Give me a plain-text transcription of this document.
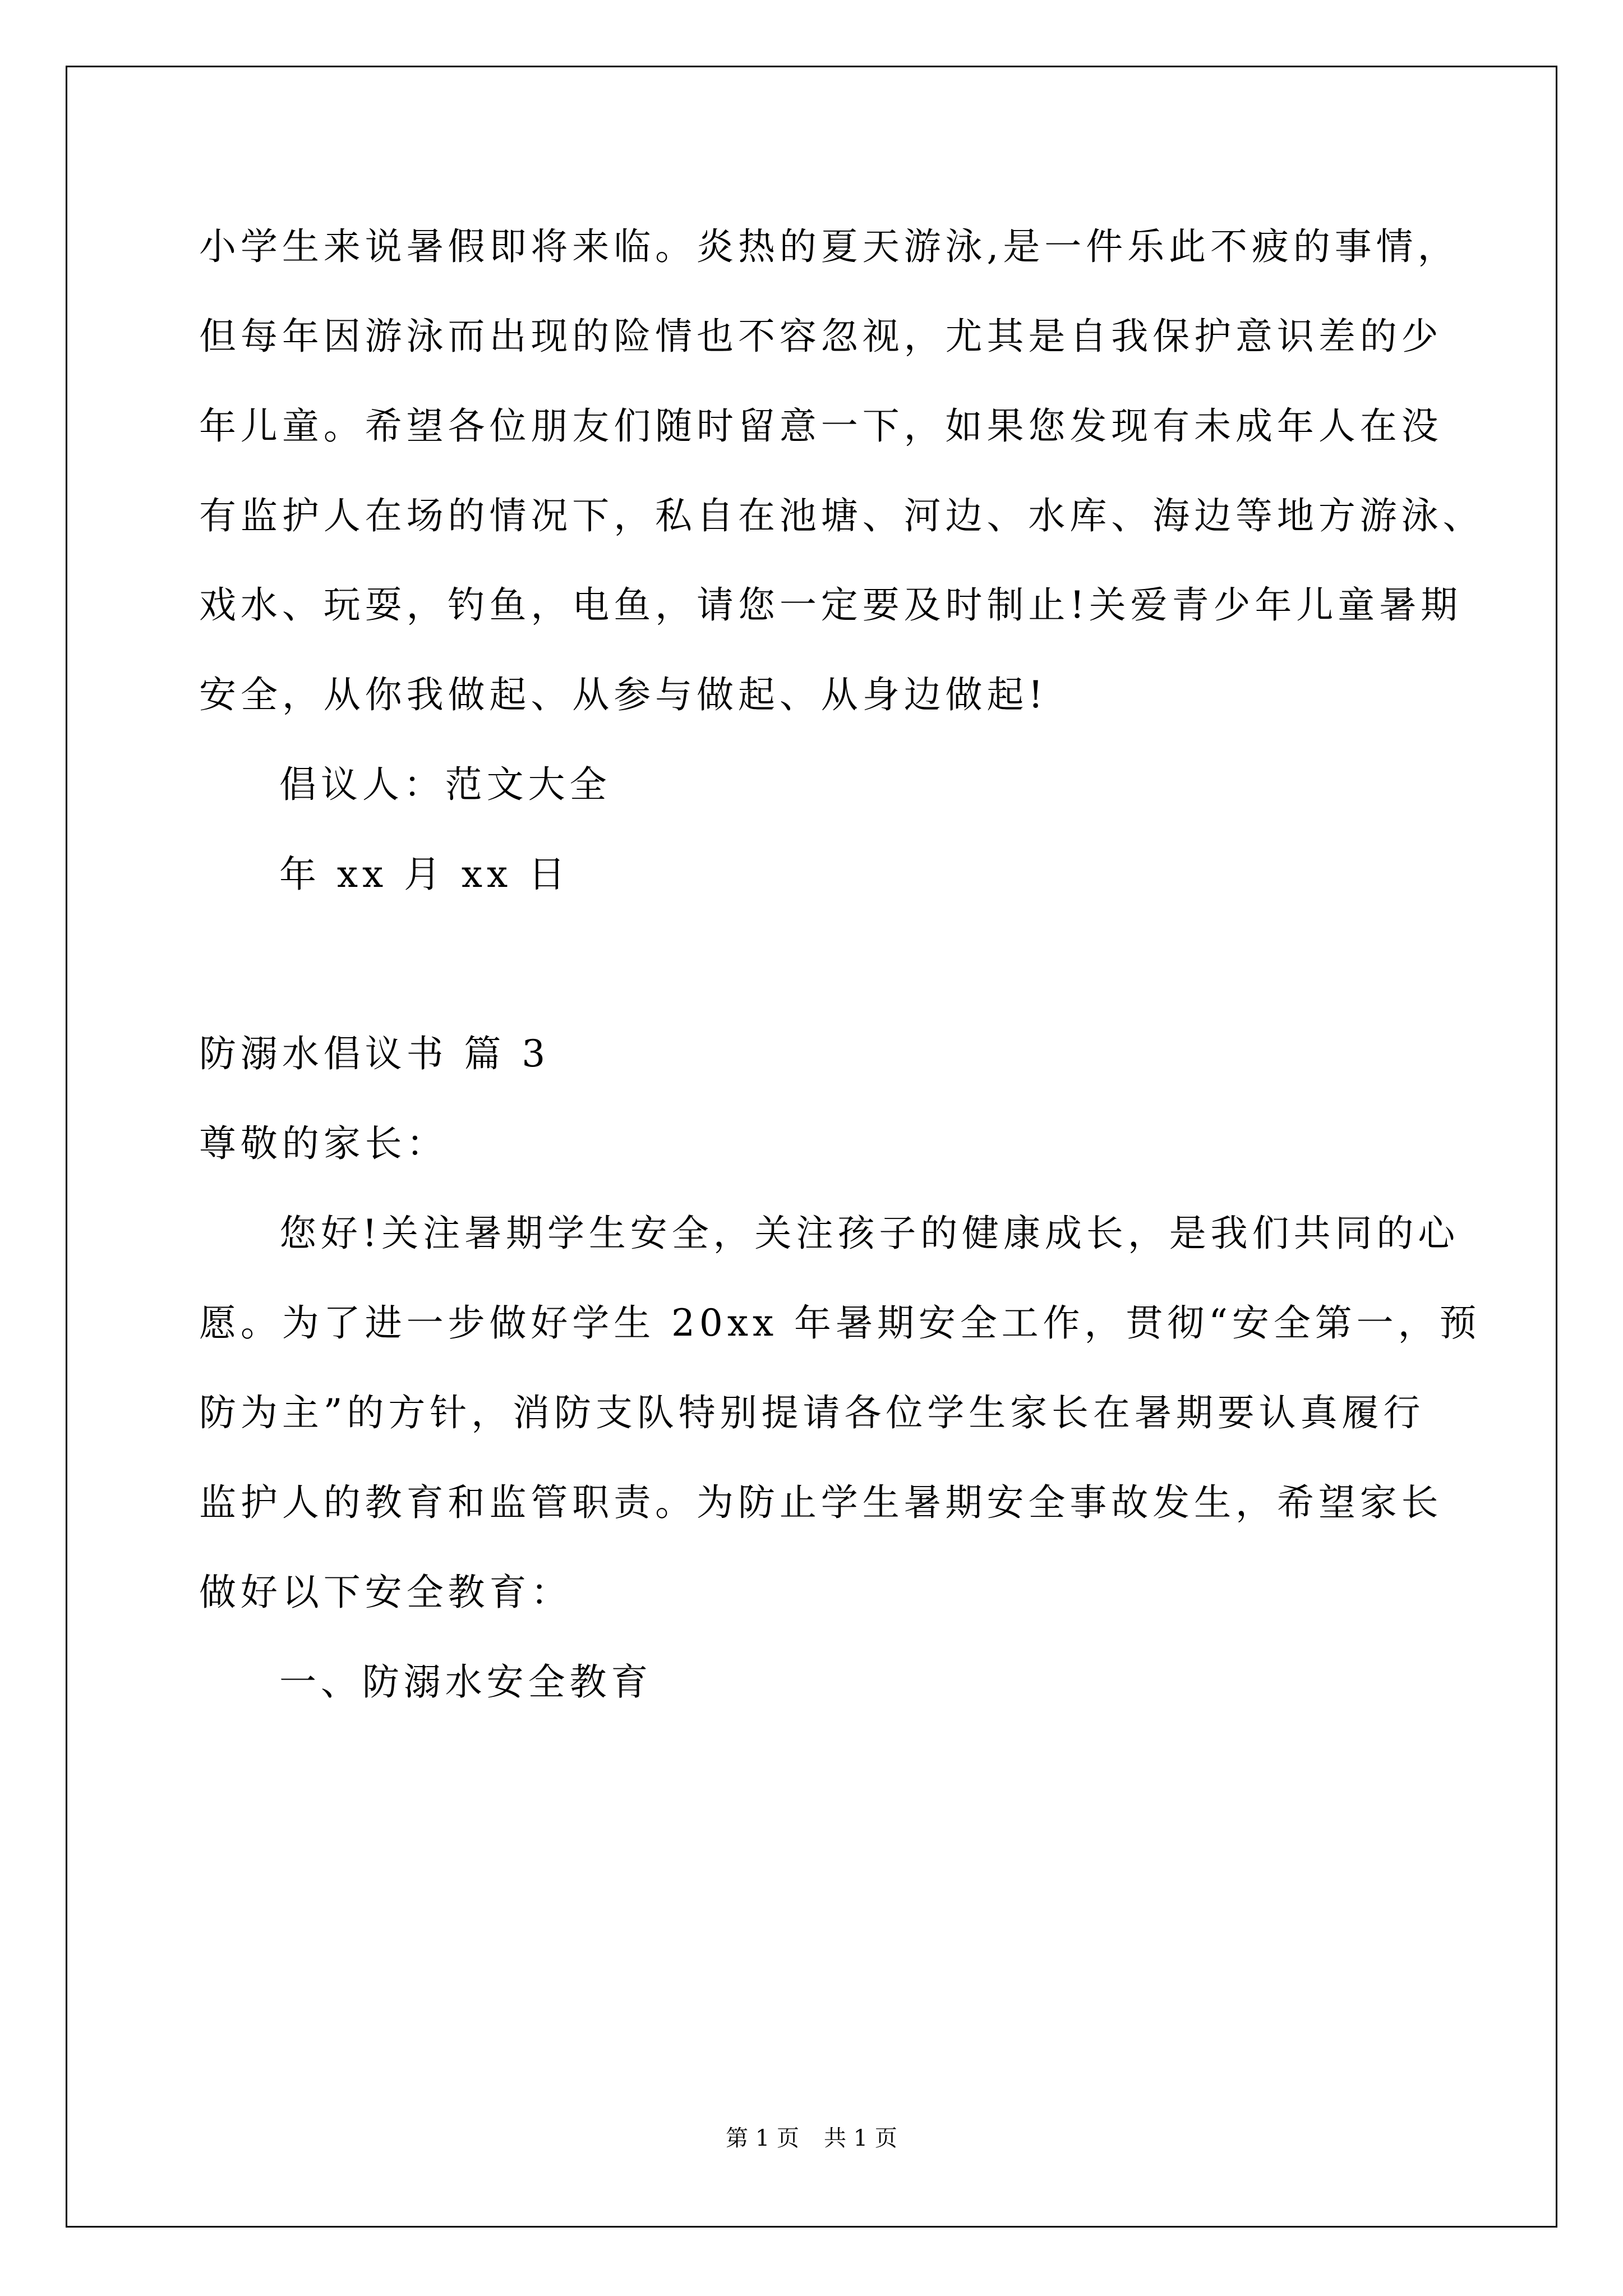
小学生来说暑假即将来临。炎热的夏天游泳,是一件乐此不疲的事情，
但每年因游泳而出现的险情也不容忽视，尤其是自我保护意识差的少
年儿童。希望各位朋友们随时留意一下，如果您发现有未成年人在没
有监护人在场的情况下，私自在池塘、河边、水库、海边等地方游泳、
戏水、玩耍，钓鱼，电鱼，请您一定要及时制止!关爱青少年儿童暑期
安全，从你我做起、从参与做起、从身边做起!
倡议人：范文大全
年 xx 月 xx 日
防溺水倡议书 篇 3
尊敬的家长：
您好!关注暑期学生安全，关注孩子的健康成长，是我们共同的心
愿。为了进一步做好学生 20xx 年暑期安全工作，贯彻“安全第一，预
防为主”的方针，消防支队特别提请各位学生家长在暑期要认真履行
监护人的教育和监管职责。为防止学生暑期安全事故发生，希望家长
做好以下安全教育：
一、防溺水安全教育
第 1 页 共 1 页
